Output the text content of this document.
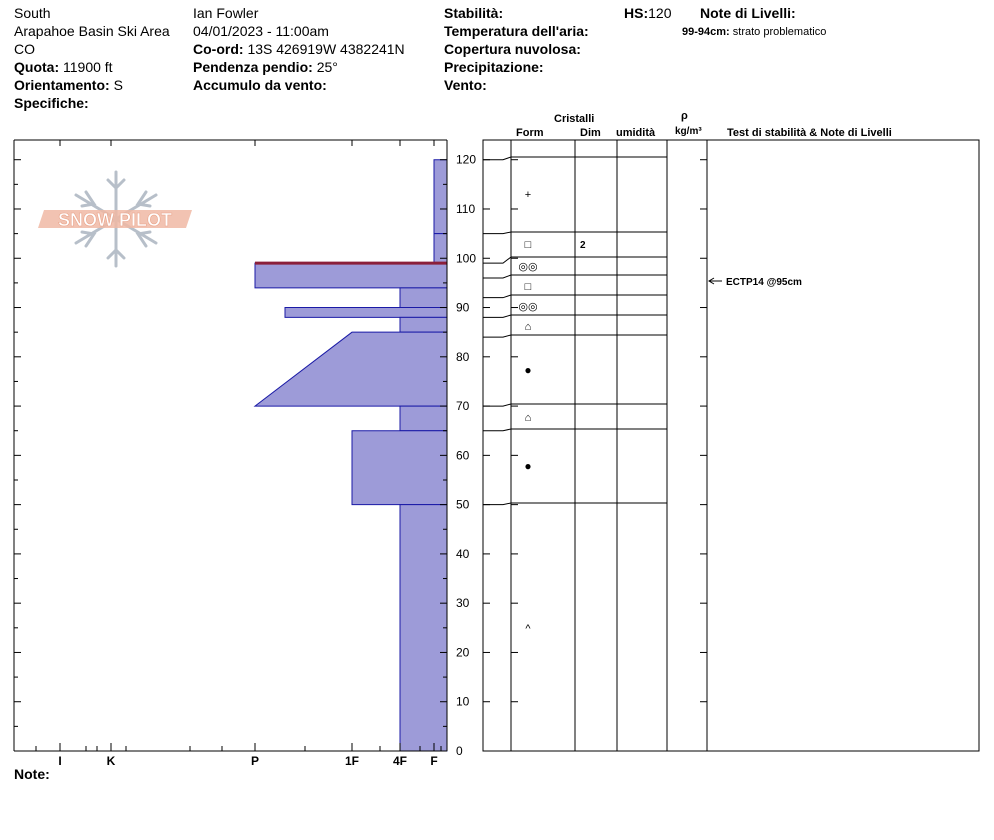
South
Arapahoe Basin Ski Area
CO
Quota: 11900 ft
Orientamento: S
Specifiche:
Ian Fowler
04/01/2023 - 11:00am
Co-ord: 13S 426919W 4382241N
Pendenza pendio: 25°
Accumulo da vento:
Stabilità:
Temperatura dell'aria:
Copertura nuvolosa:
Precipitazione:
Vento:
HS:120 Note di Livelli:
99-94cm: strato problematico
Cristalli
Form	Dim umidità
ρ
kg/m³ Test di stabilità & Note di Livelli
Note:
SNOW PILOT
0
10
20
30
40
50
60
70
80
90
100
110
120
I	K	P	1F	4F F
+
□	2
◎◎
□
◎◎
⌂
●
⌂
●
^
ECTP14 @95cm
